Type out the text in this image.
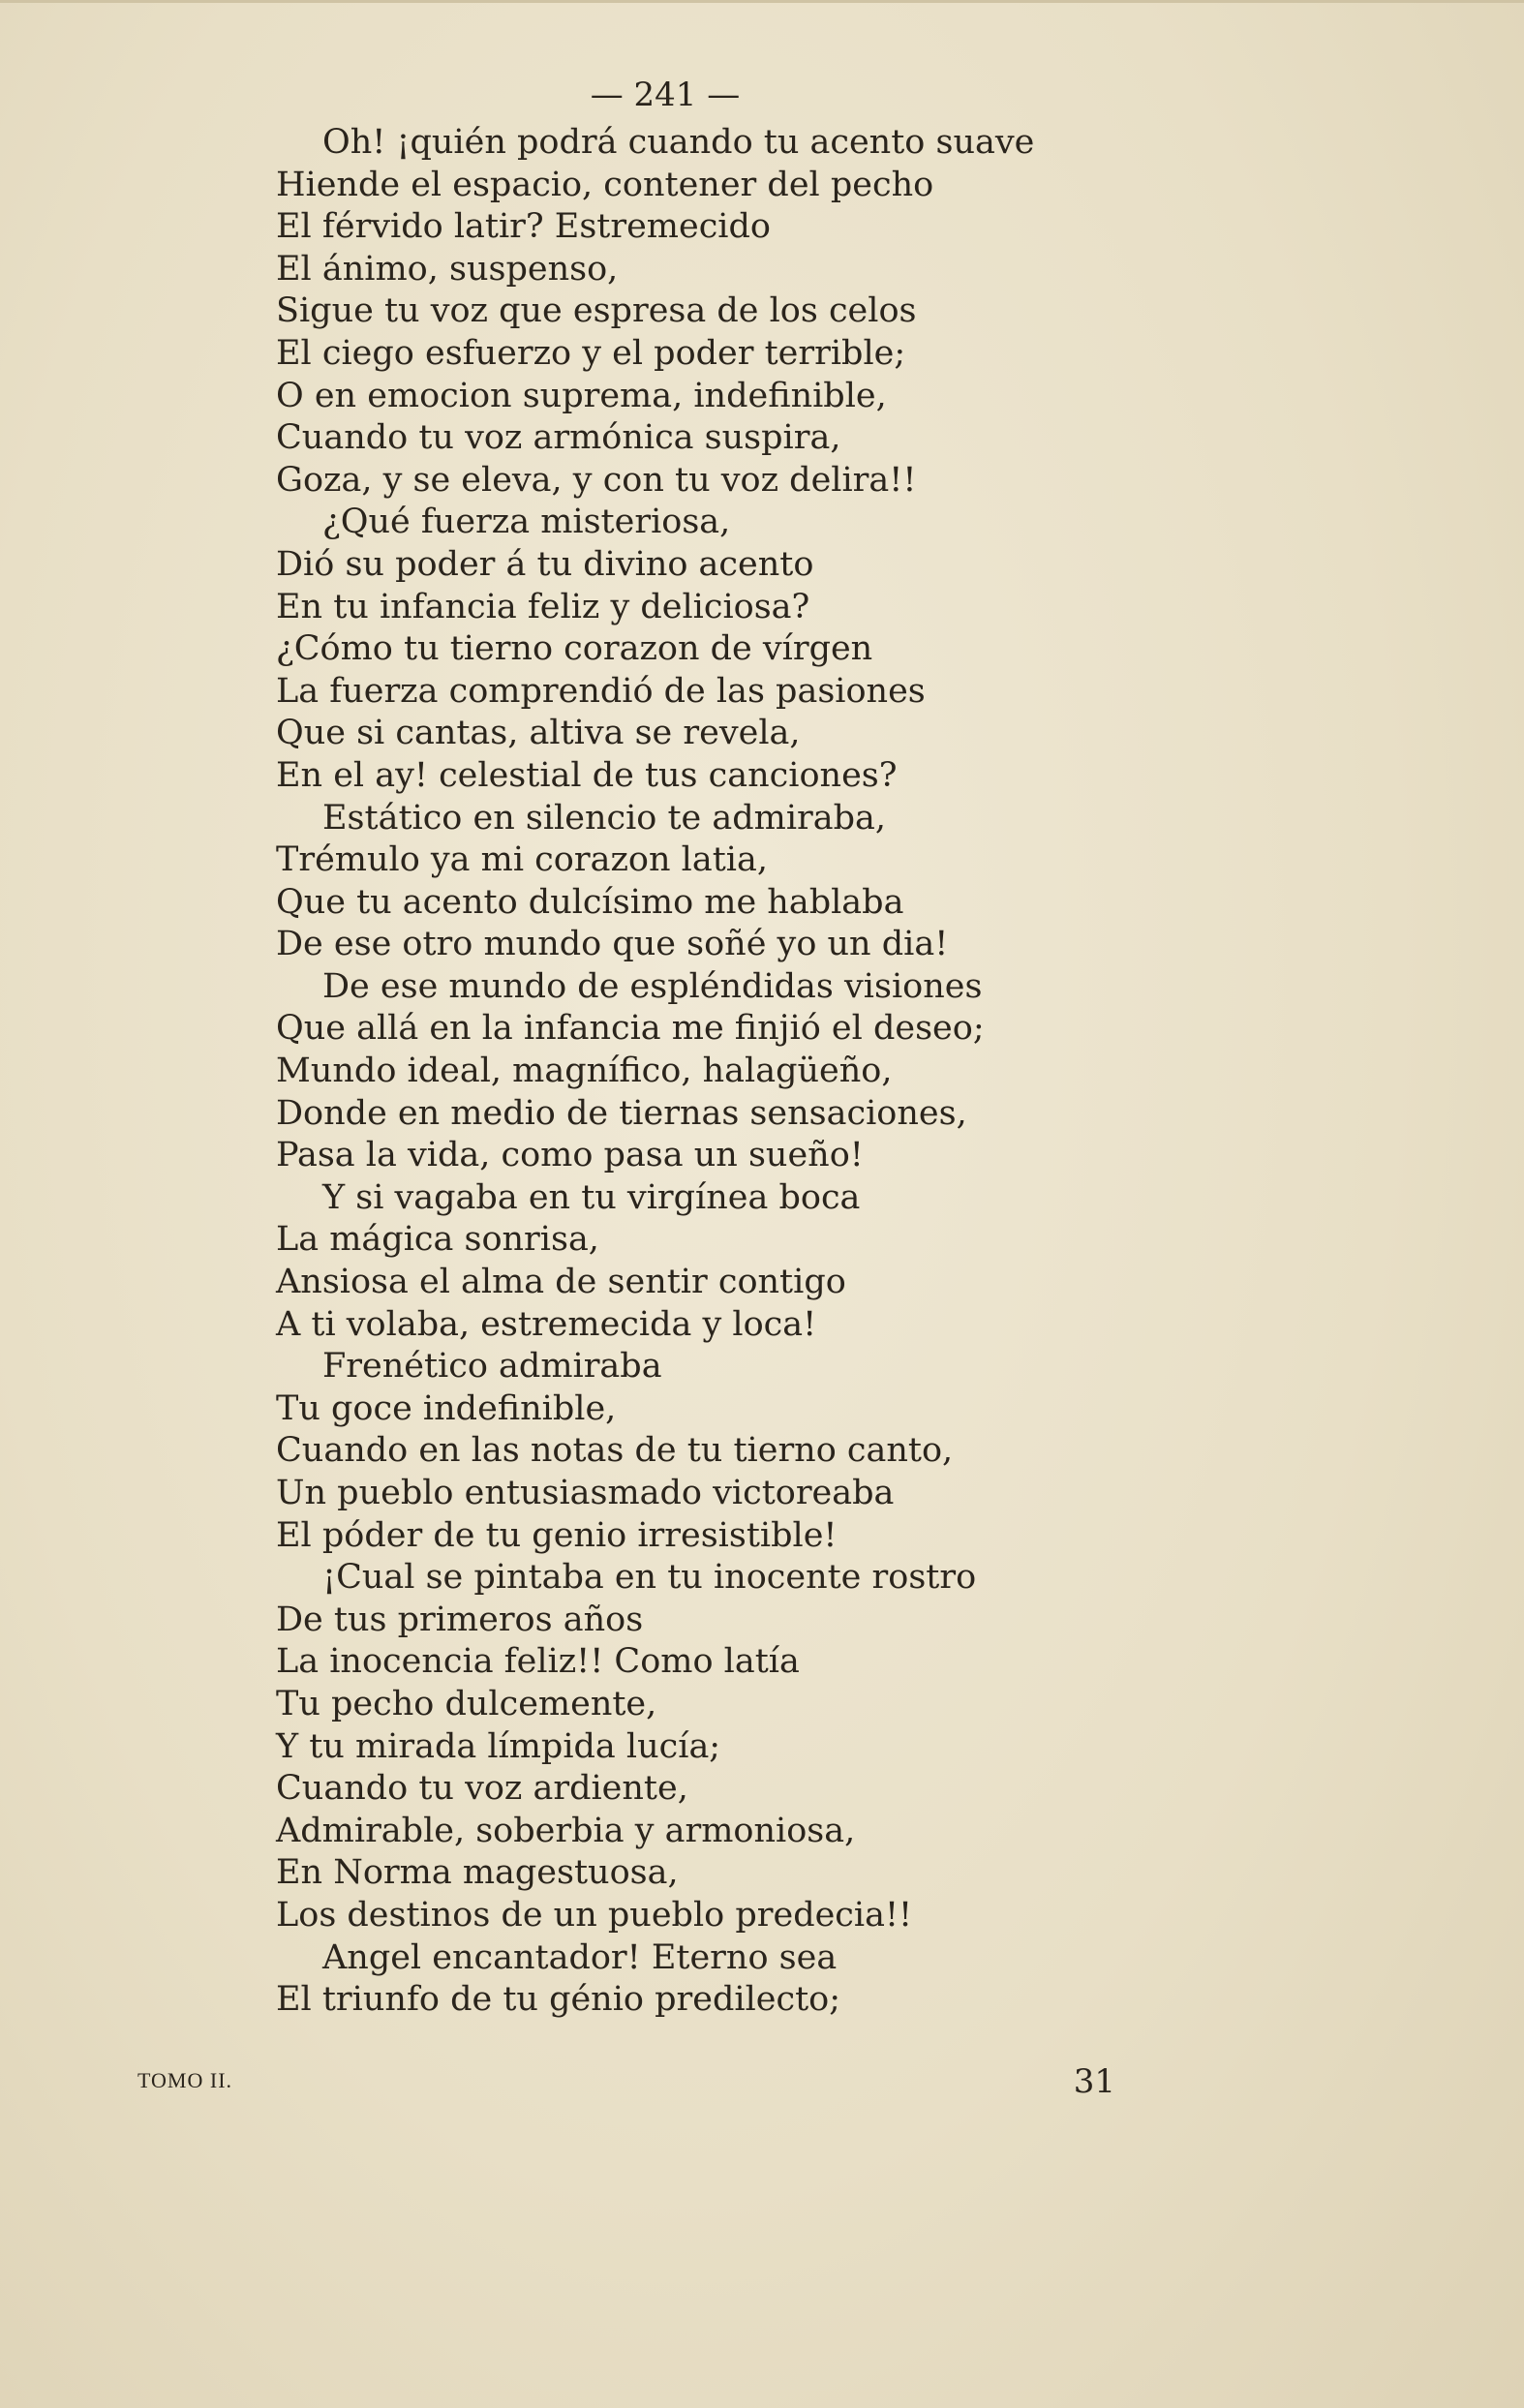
— 241 —
Oh! ¡quién podrá cuando tu acento suave
Hiende el espacio, contener del pecho
El férvido latir? Estremecido
El ánimo, suspenso,
Sigue tu voz que espresa de los celos
El ciego esfuerzo y el poder terrible;
O en emocion suprema, indefinible,
Cuando tu voz armónica suspira,
Goza, y se eleva, y con tu voz delira!!
¿Qué fuerza misteriosa,
Dió su poder á tu divino acento
En tu infancia feliz y deliciosa?
¿Cómo tu tierno corazon de vírgen
La fuerza comprendió de las pasiones
Que si cantas, altiva se revela,
En el ay! celestial de tus canciones?
Estático en silencio te admiraba,
Trémulo ya mi corazon latia,
Que tu acento dulcísimo me hablaba
De ese otro mundo que soñé yo un dia!
De ese mundo de espléndidas visiones
Que allá en la infancia me finjió el deseo;
Mundo ideal, magnífico, halagüeño,
Donde en medio de tiernas sensaciones,
Pasa la vida, como pasa un sueño!
Y si vagaba en tu virgínea boca
La mágica sonrisa,
Ansiosa el alma de sentir contigo
A ti volaba, estremecida y loca!
Frenético admiraba
Tu goce indefinible,
Cuando en las notas de tu tierno canto,
Un pueblo entusiasmado victoreaba
El póder de tu genio irresistible!
¡Cual se pintaba en tu inocente rostro
De tus primeros años
La inocencia feliz!! Como latía
Tu pecho dulcemente,
Y tu mirada límpida lucía;
Cuando tu voz ardiente,
Admirable, soberbia y armoniosa,
En Norma magestuosa,
Los destinos de un pueblo predecia!!
Angel encantador! Eterno sea
El triunfo de tu génio predilecto;
TOMO II.	31
